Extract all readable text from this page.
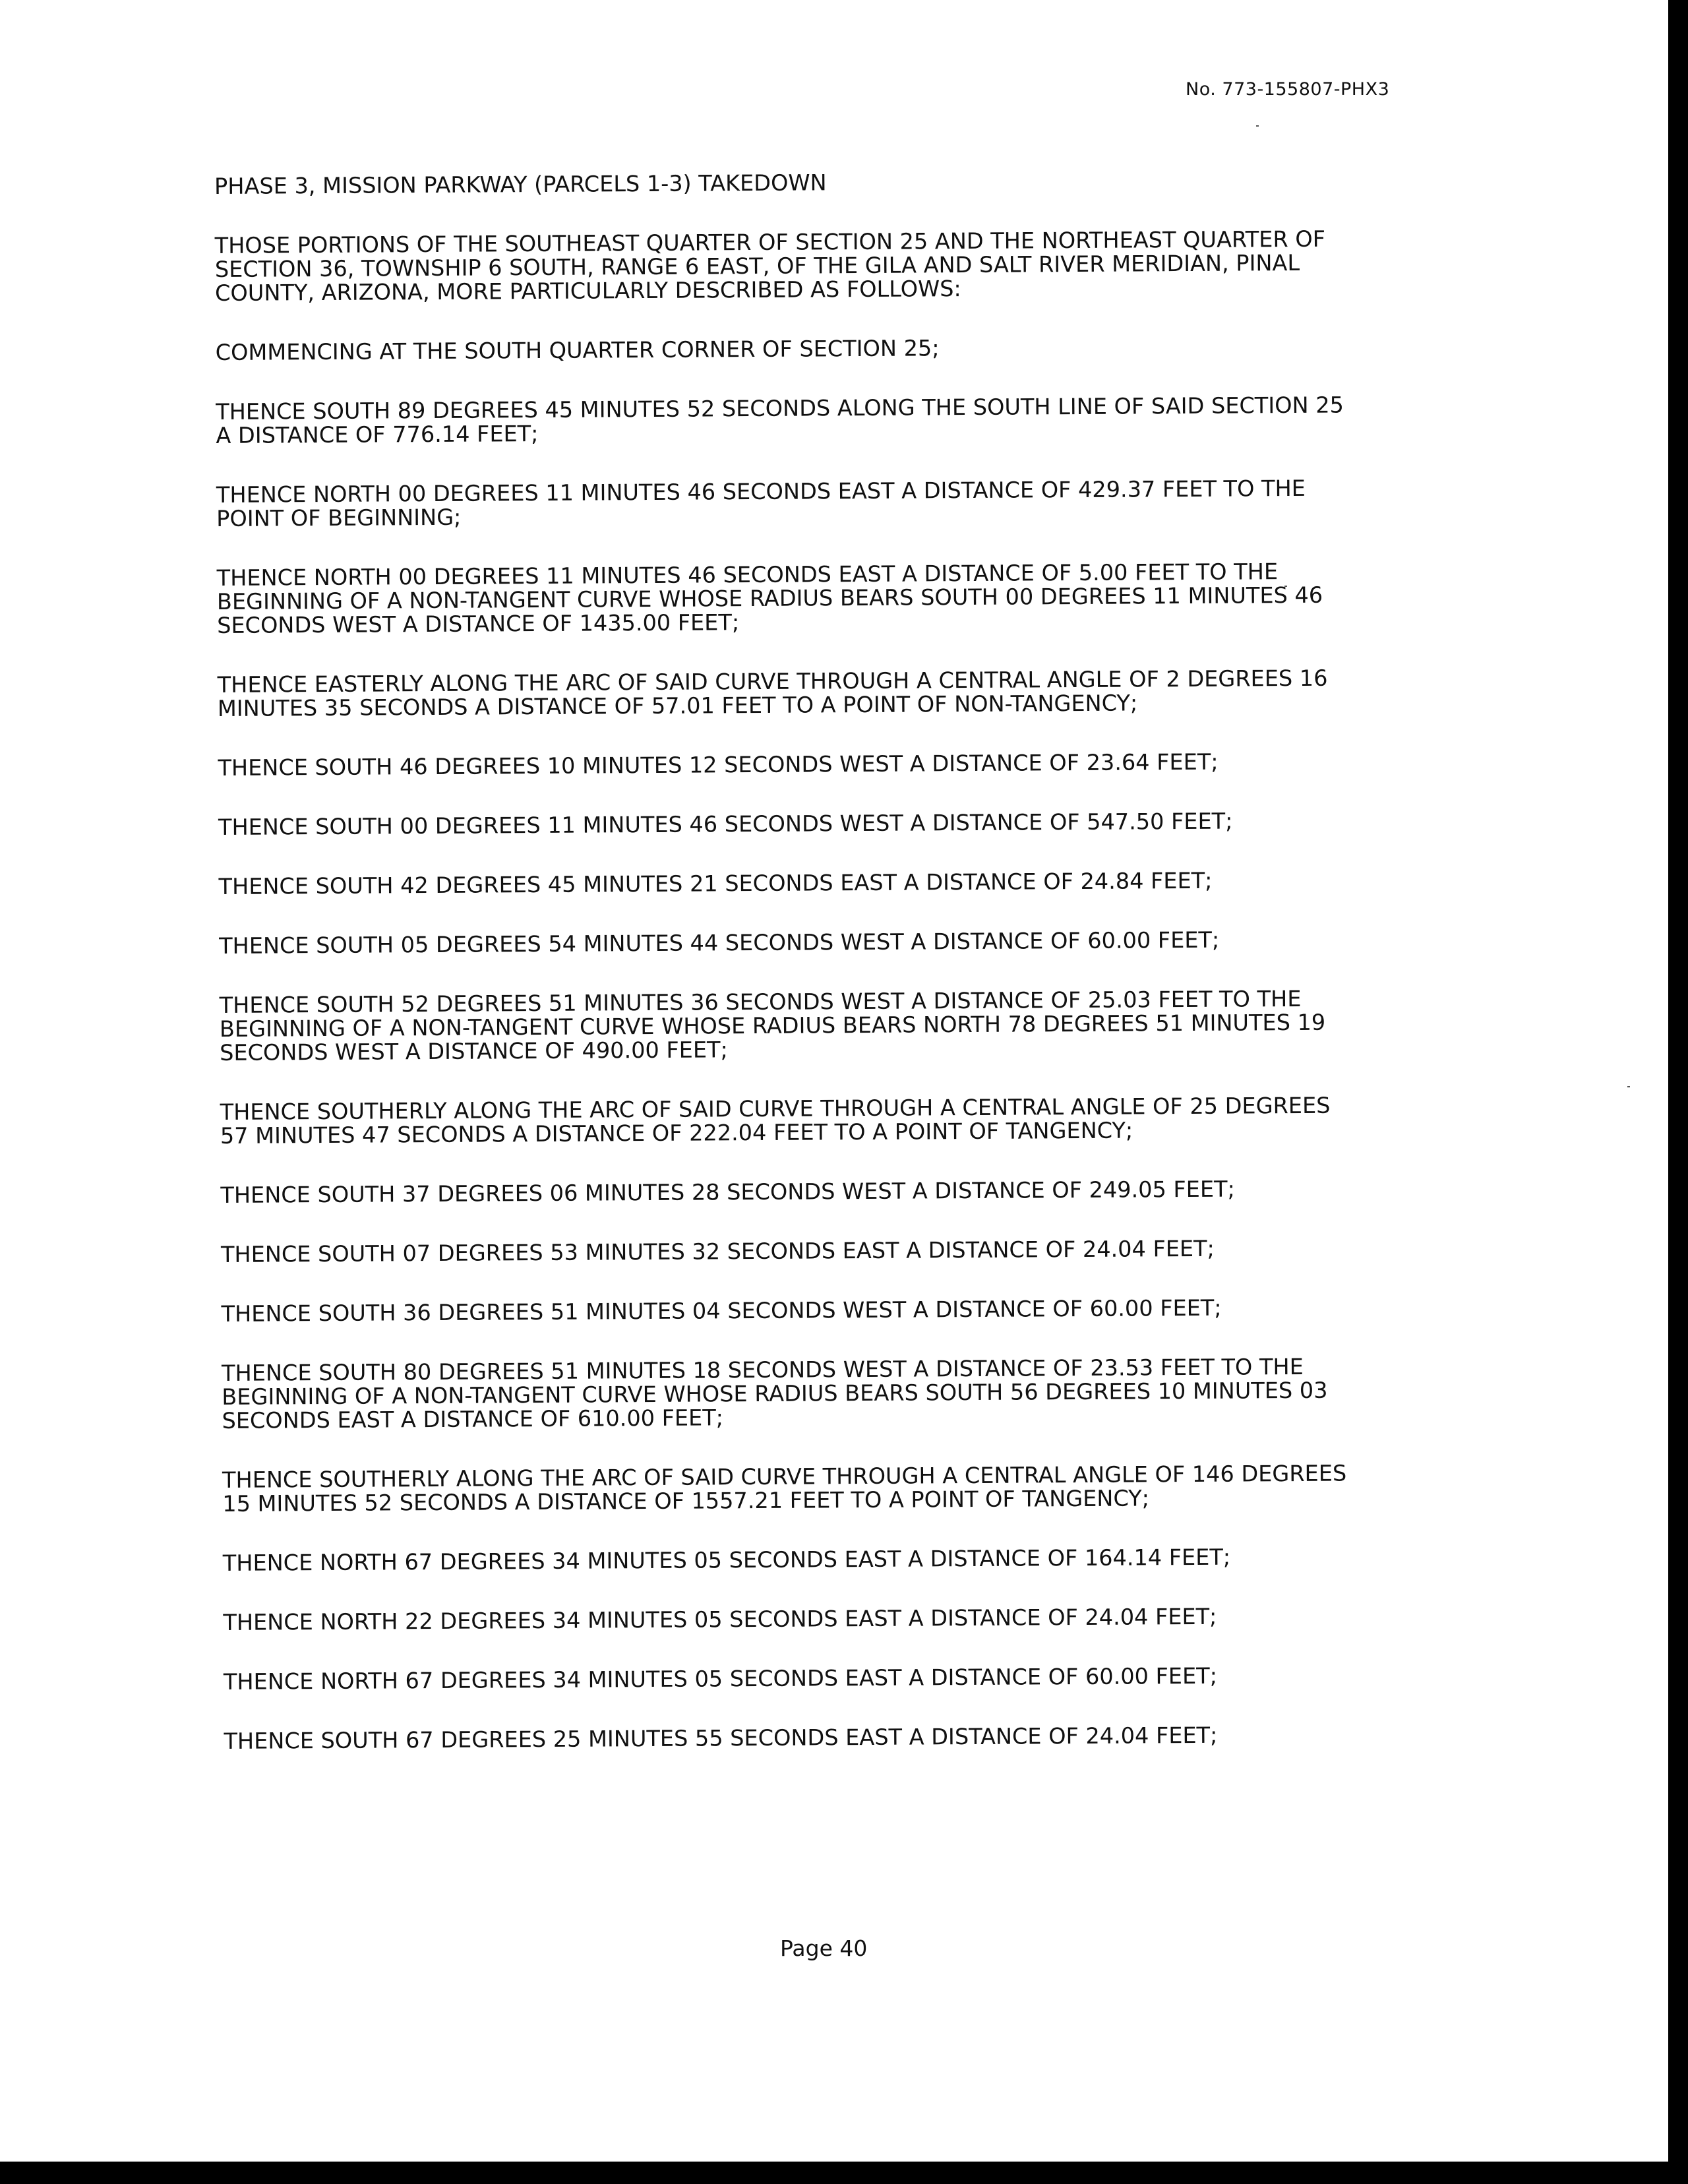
No. 773-155807-PHX3

PHASE 3, MISSION PARKWAY (PARCELS 1-3) TAKEDOWN

THOSE PORTIONS OF THE SOUTHEAST QUARTER OF SECTION 25 AND THE NORTHEAST QUARTER OF
SECTION 36, TOWNSHIP 6 SOUTH, RANGE 6 EAST, OF THE GILA AND SALT RIVER MERIDIAN, PINAL
COUNTY, ARIZONA, MORE PARTICULARLY DESCRIBED AS FOLLOWS:

COMMENCING AT THE SOUTH QUARTER CORNER OF SECTION 25;

THENCE SOUTH 89 DEGREES 45 MINUTES 52 SECONDS ALONG THE SOUTH LINE OF SAID SECTION 25
A DISTANCE OF 776.14 FEET;

THENCE NORTH 00 DEGREES 11 MINUTES 46 SECONDS EAST A DISTANCE OF 429.37 FEET TO THE
POINT OF BEGINNING;

THENCE NORTH 00 DEGREES 11 MINUTES 46 SECONDS EAST A DISTANCE OF 5.00 FEET TO THE
BEGINNING OF A NON-TANGENT CURVE WHOSE RADIUS BEARS SOUTH 00 DEGREES 11 MINUTES 46
SECONDS WEST A DISTANCE OF 1435.00 FEET;

THENCE EASTERLY ALONG THE ARC OF SAID CURVE THROUGH A CENTRAL ANGLE OF 2 DEGREES 16
MINUTES 35 SECONDS A DISTANCE OF 57.01 FEET TO A POINT OF NON-TANGENCY;

THENCE SOUTH 46 DEGREES 10 MINUTES 12 SECONDS WEST A DISTANCE OF 23.64 FEET;

THENCE SOUTH 00 DEGREES 11 MINUTES 46 SECONDS WEST A DISTANCE OF 547.50 FEET;

THENCE SOUTH 42 DEGREES 45 MINUTES 21 SECONDS EAST A DISTANCE OF 24.84 FEET;

THENCE SOUTH 05 DEGREES 54 MINUTES 44 SECONDS WEST A DISTANCE OF 60.00 FEET;

THENCE SOUTH 52 DEGREES 51 MINUTES 36 SECONDS WEST A DISTANCE OF 25.03 FEET TO THE
BEGINNING OF A NON-TANGENT CURVE WHOSE RADIUS BEARS NORTH 78 DEGREES 51 MINUTES 19
SECONDS WEST A DISTANCE OF 490.00 FEET;

THENCE SOUTHERLY ALONG THE ARC OF SAID CURVE THROUGH A CENTRAL ANGLE OF 25 DEGREES
57 MINUTES 47 SECONDS A DISTANCE OF 222.04 FEET TO A POINT OF TANGENCY;

THENCE SOUTH 37 DEGREES 06 MINUTES 28 SECONDS WEST A DISTANCE OF 249.05 FEET;

THENCE SOUTH 07 DEGREES 53 MINUTES 32 SECONDS EAST A DISTANCE OF 24.04 FEET;

THENCE SOUTH 36 DEGREES 51 MINUTES 04 SECONDS WEST A DISTANCE OF 60.00 FEET;

THENCE SOUTH 80 DEGREES 51 MINUTES 18 SECONDS WEST A DISTANCE OF 23.53 FEET TO THE
BEGINNING OF A NON-TANGENT CURVE WHOSE RADIUS BEARS SOUTH 56 DEGREES 10 MINUTES 03
SECONDS EAST A DISTANCE OF 610.00 FEET;

THENCE SOUTHERLY ALONG THE ARC OF SAID CURVE THROUGH A CENTRAL ANGLE OF 146 DEGREES
15 MINUTES 52 SECONDS A DISTANCE OF 1557.21 FEET TO A POINT OF TANGENCY;

THENCE NORTH 67 DEGREES 34 MINUTES 05 SECONDS EAST A DISTANCE OF 164.14 FEET;

THENCE NORTH 22 DEGREES 34 MINUTES 05 SECONDS EAST A DISTANCE OF 24.04 FEET;

THENCE NORTH 67 DEGREES 34 MINUTES 05 SECONDS EAST A DISTANCE OF 60.00 FEET;

THENCE SOUTH 67 DEGREES 25 MINUTES 55 SECONDS EAST A DISTANCE OF 24.04 FEET;

Page 40
